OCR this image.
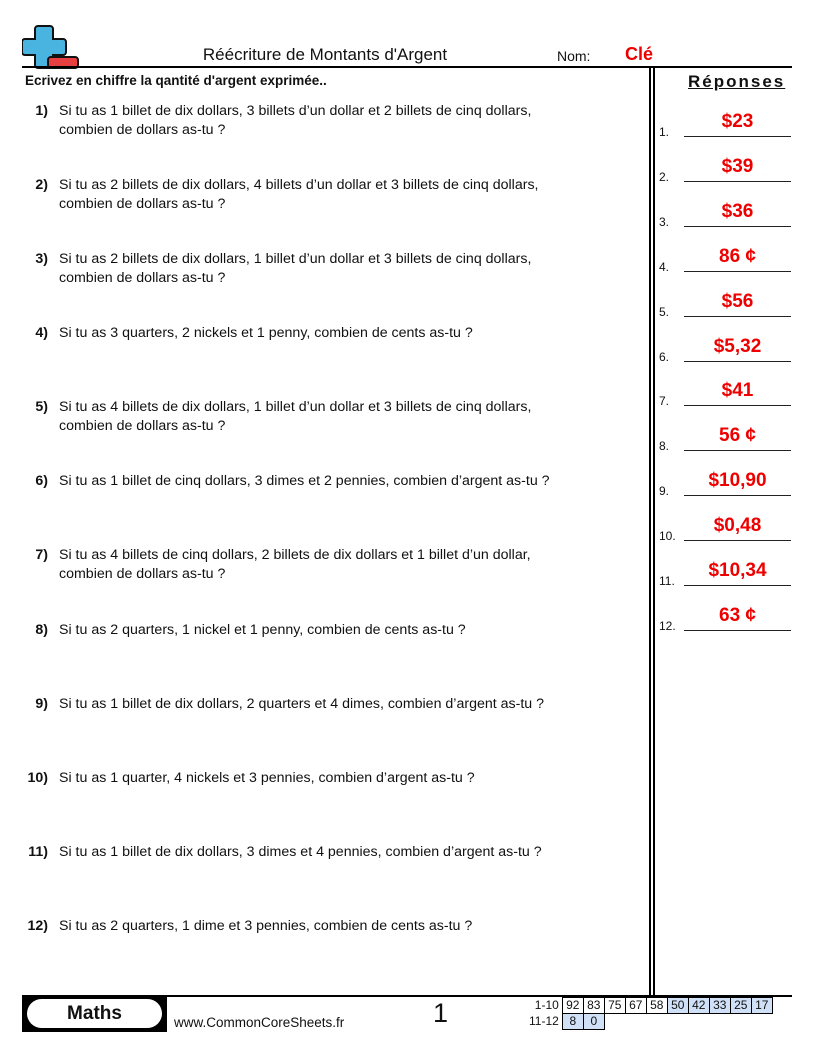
Réécriture de Montants d'Argent	Nom: Clé
Ecrivez en chiffre la qantité d'argent exprimée..
1) Si tu as 1 billet de dix dollars, 3 billets d’un dollar et 2 billets de cinq dollars,
combien de dollars as-tu ?
2) Si tu as 2 billets de dix dollars, 4 billets d’un dollar et 3 billets de cinq dollars,
combien de dollars as-tu ?
3) Si tu as 2 billets de dix dollars, 1 billet d’un dollar et 3 billets de cinq dollars,
combien de dollars as-tu ?
4) Si tu as 3 quarters, 2 nickels et 1 penny, combien de cents as-tu ?
5) Si tu as 4 billets de dix dollars, 1 billet d’un dollar et 3 billets de cinq dollars,
combien de dollars as-tu ?
6) Si tu as 1 billet de cinq dollars, 3 dimes et 2 pennies, combien d’argent as-tu ?
7) Si tu as 4 billets de cinq dollars, 2 billets de dix dollars et 1 billet d’un dollar,
combien de dollars as-tu ?
8) Si tu as 2 quarters, 1 nickel et 1 penny, combien de cents as-tu ?
9) Si tu as 1 billet de dix dollars, 2 quarters et 4 dimes, combien d’argent as-tu ?
10) Si tu as 1 quarter, 4 nickels et 3 pennies, combien d’argent as-tu ?
11) Si tu as 1 billet de dix dollars, 3 dimes et 4 pennies, combien d’argent as-tu ?
12) Si tu as 2 quarters, 1 dime et 3 pennies, combien de cents as-tu ?
Réponses
1.	$23
2.	$39
3.	$36
4.	86 ¢
5.	$56
6.	$5,32
7.	$41
8.	56 ¢
9.	$10,90
10.	$0,48
11.	$10,34
12.	63 ¢
Maths	www.CommonCoreSheets.fr	1	1-10	92	83	75	67	58	50	42	33	25	17
11-12	8	0								
